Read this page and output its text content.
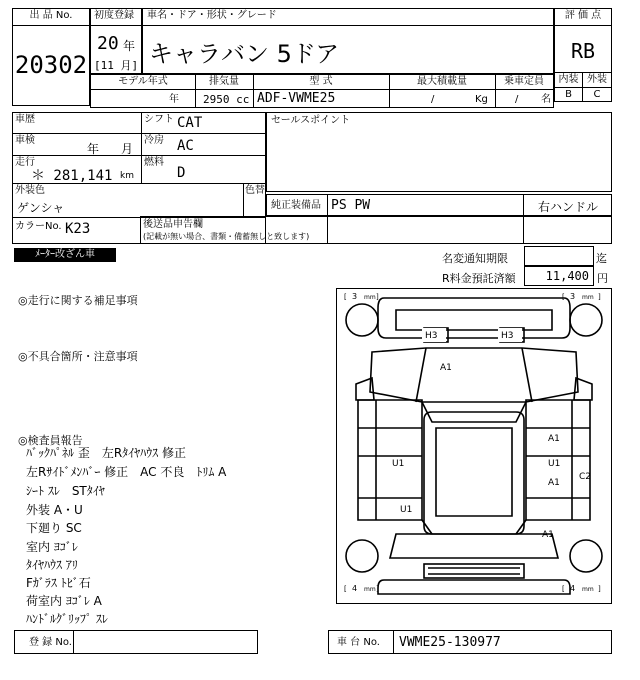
出 品 No.
20302
初度登録
20 年
[11 月]
車名・ドア・形状・グレード
キャラバン 5ドア
評 価 点
RB
内装 外装
B	C
モデル年式	排気量	型 式	最大積載量	乗車定員
年 2950 cc ADF-VWME25	/	Kg	/ 名
車歴	シフト CAT
車検
年 月
冷房 AC
走行
＊ 281,141 km
燃料
D
外装色
ゲンシャ
色替
カラーNo. K23
セールスポイント
純正装備品 PS PW	右ハンドル
後送品申告欄
(記載が無い場合、書類・備蓄無しと致します)
ﾒｰﾀｰ改ざん車	名変通知期限	迄
R料金預託済額 11,400 円
◎走行に関する補足事項
◎不具合箇所・注意事項
◎検査員報告
ﾊﾞｯｸﾊﾟﾈﾙ 歪　左Rﾀｲﾔﾊｳｽ 修正
左Rｻｲﾄﾞﾒﾝﾊﾞｰ 修正　AC 不良　ﾄﾘﾑ A
ｼｰﾄ ｽﾚ　STﾀｲﾔ
外装 A・U
下廻り SC
室内 ﾖｺﾞﾚ
ﾀｲﾔﾊｳｽ ｱﾘ
Fｶﾞﾗｽ ﾄﾋﾞ石
荷室内 ﾖｺﾞﾚ A
ﾊﾝﾄﾞﾙｸﾞﾘｯﾌﾟ ｽﾚ
[ 3 mm ]	[ 3 mm ]
[ 4 mm ]	[ 4 mm ]
H3	H3
A1
U1
U1
A1
U1
A1
C2
A1
登 録 No.	車 台 No. VWME25-130977
